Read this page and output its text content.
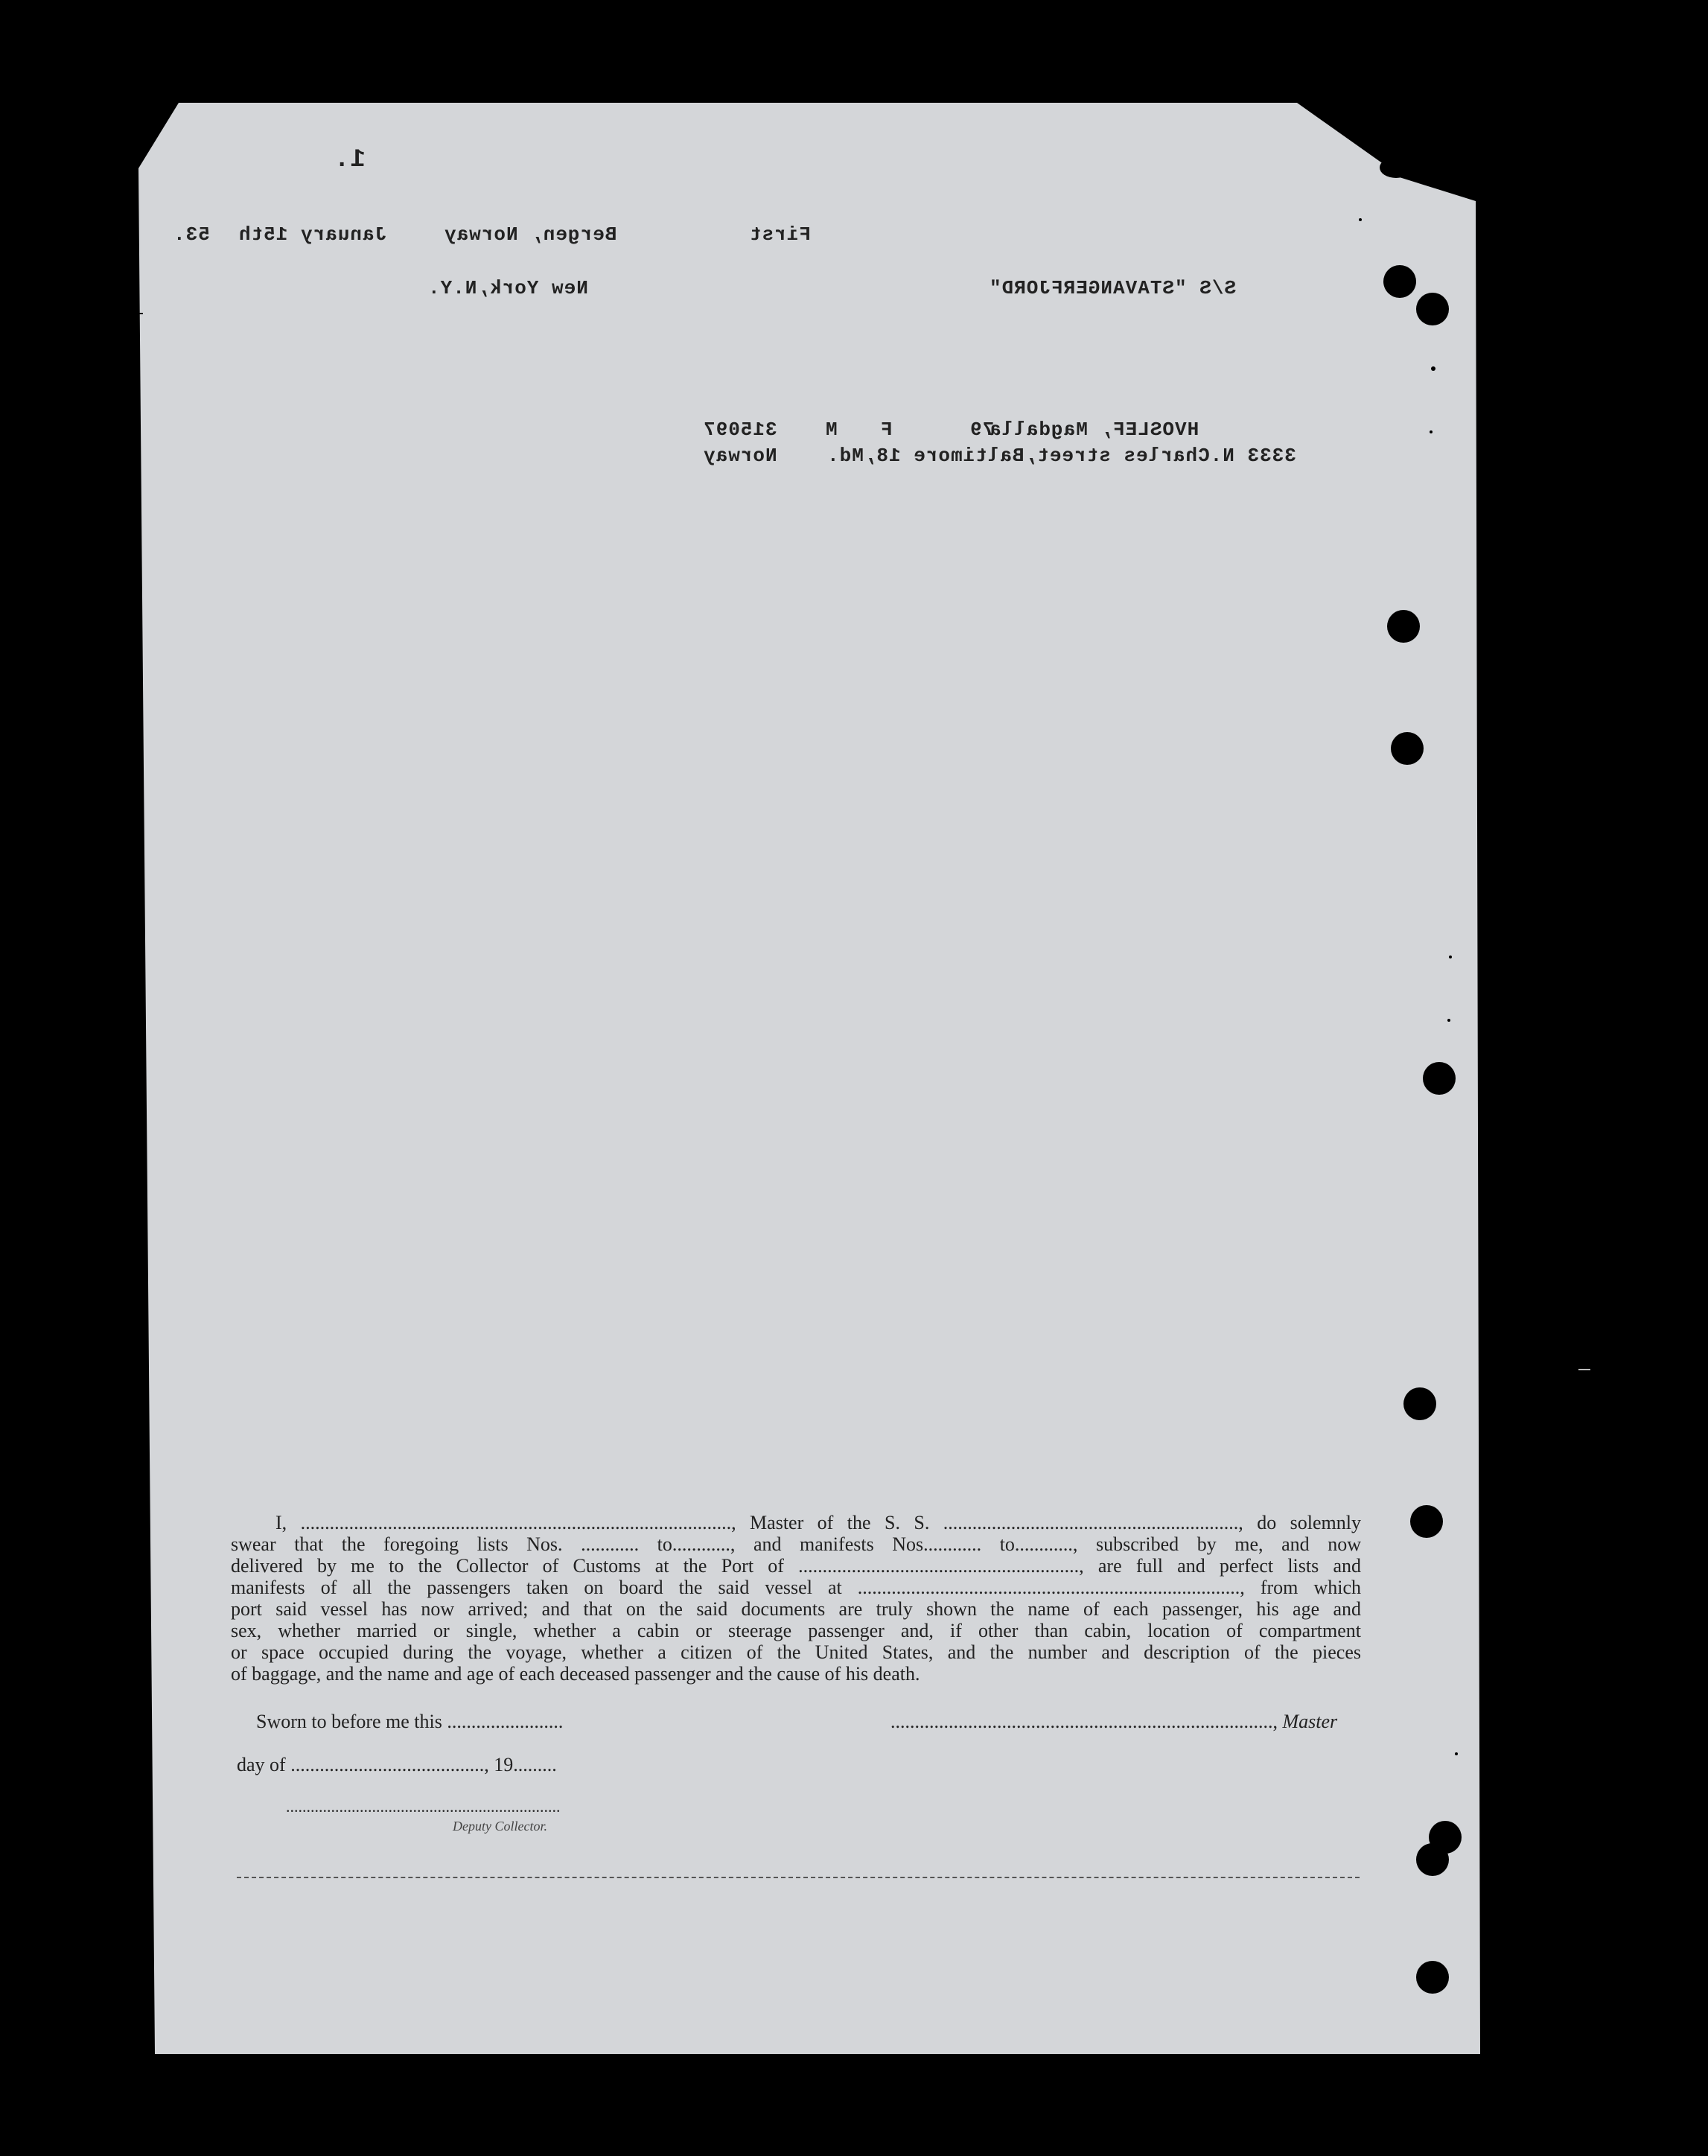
1.
First
Bergen, Norway
January 15th
53.
S/S "STAVANGERFJORD"
New York,N.Y.
HVOSLEF, Magdalla
79
F
M
315097
3333 N.Charles street,Baltimore 18,Md.
Norway
I, ........................................................................................., Master of the S. S. ............................................................., do solemnly
swear that the foregoing lists Nos. ............ to............, and manifests Nos............ to............, subscribed by me, and now
delivered by me to the Collector of Customs at the Port of .........................................................., are full and perfect lists and
manifests of all the passengers taken on board the said vessel at ..............................................................................., from which
port said vessel has now arrived; and that on the said documents are truly shown the name of each passenger, his age and
sex, whether married or single, whether a cabin or steerage passenger and, if other than cabin, location of compartment
or space occupied during the voyage, whether a citizen of the United States, and the number and description of the pieces
of baggage, and the name and age of each deceased passenger and the cause of his death.
Sworn to before me this ........................	..............................................................................., Master
day of ........................................, 19.........
...................................................................
Deputy Collector.
